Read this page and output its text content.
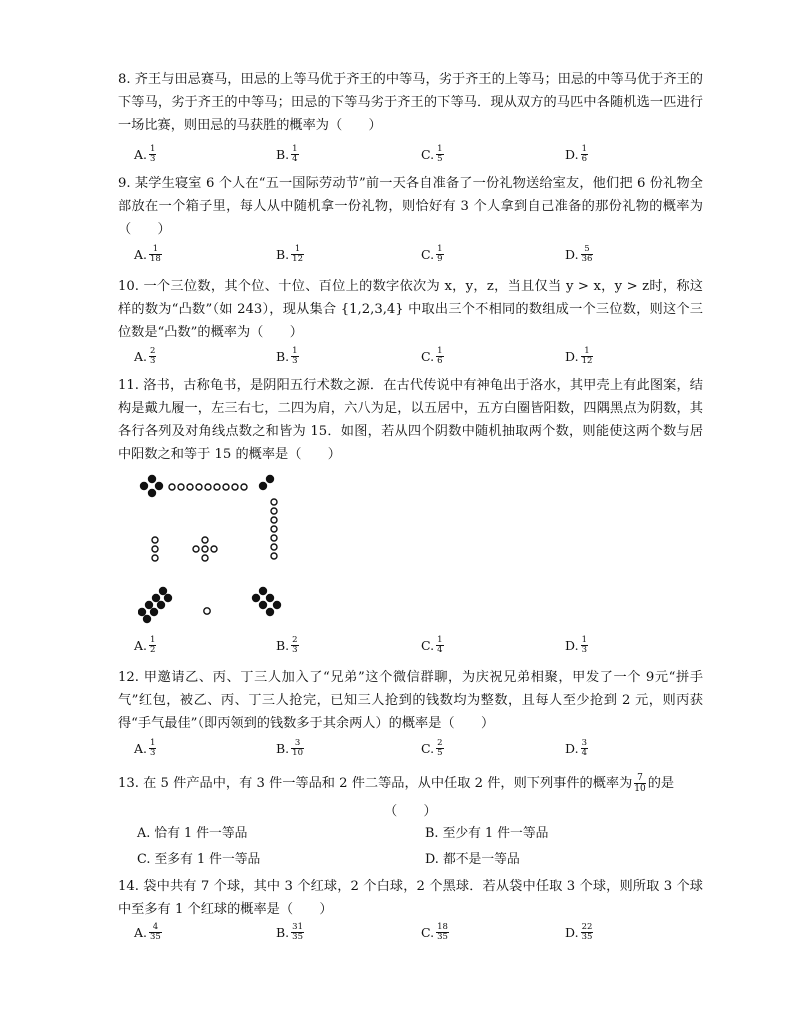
8. 齐王与田忌赛马，田忌的上等马优于齐王的中等马，劣于齐王的上等马；田忌的中等马优于齐王的下等马，劣于齐王的中等马；田忌的下等马劣于齐王的下等马．现从双方的马匹中各随机选一匹进行一场比赛，则田忌的马获胜的概率为（　　）

A. $\frac{1}{3}$	B. $\frac{1}{4}$	C. $\frac{1}{5}$	D. $\frac{1}{6}$

9. 某学生寝室 6 个人在“五一国际劳动节”前一天各自准备了一份礼物送给室友，他们把 6 份礼物全部放在一个箱子里，每人从中随机拿一份礼物，则恰好有 3 个人拿到自己准备的那份礼物的概率为（　　）

A. $\frac{1}{18}$	B. $\frac{1}{12}$	C. $\frac{1}{9}$	D. $\frac{5}{36}$

10. 一个三位数，其个位、十位、百位上的数字依次为 x，y，z，当且仅当 y > x，y > z时，称这样的数为“凸数”（如 243），现从集合 {1,2,3,4} 中取出三个不相同的数组成一个三位数，则这个三位数是“凸数”的概率为（　　）

A. $\frac{2}{3}$	B. $\frac{1}{3}$	C. $\frac{1}{6}$	D. $\frac{1}{12}$

11. 洛书，古称龟书，是阴阳五行术数之源．在古代传说中有神龟出于洛水，其甲壳上有此图案，结构是戴九履一，左三右七，二四为肩，六八为足，以五居中，五方白圈皆阳数，四隅黑点为阴数，其各行各列及对角线点数之和皆为 15．如图，若从四个阴数中随机抽取两个数，则能使这两个数与居中阳数之和等于 15 的概率是（　　）

A. $\frac{1}{2}$	B. $\frac{2}{3}$	C. $\frac{1}{4}$	D. $\frac{1}{3}$

12. 甲邀请乙、丙、丁三人加入了“兄弟”这个微信群聊，为庆祝兄弟相聚，甲发了一个 9元“拼手气”红包，被乙、丙、丁三人抢完，已知三人抢到的钱数均为整数，且每人至少抢到 2 元，则丙获得“手气最佳”（即丙领到的钱数多于其余两人）的概率是（　　）

A. $\frac{1}{3}$	B. $\frac{3}{10}$	C. $\frac{2}{5}$	D. $\frac{3}{4}$

13. 在 5 件产品中，有 3 件一等品和 2 件二等品，从中任取 2 件，则下列事件的概率为 $\frac{7}{10}$ 的是

（　　）
A. 恰有 1 件一等品	B. 至少有 1 件一等品
C. 至多有 1 件一等品	D. 都不是一等品

14. 袋中共有 7 个球，其中 3 个红球，2 个白球，2 个黑球．若从袋中任取 3 个球，则所取 3 个球中至多有 1 个红球的概率是（　　）

A. $\frac{4}{35}$	B. $\frac{31}{35}$	C. $\frac{18}{35}$	D. $\frac{22}{35}$
